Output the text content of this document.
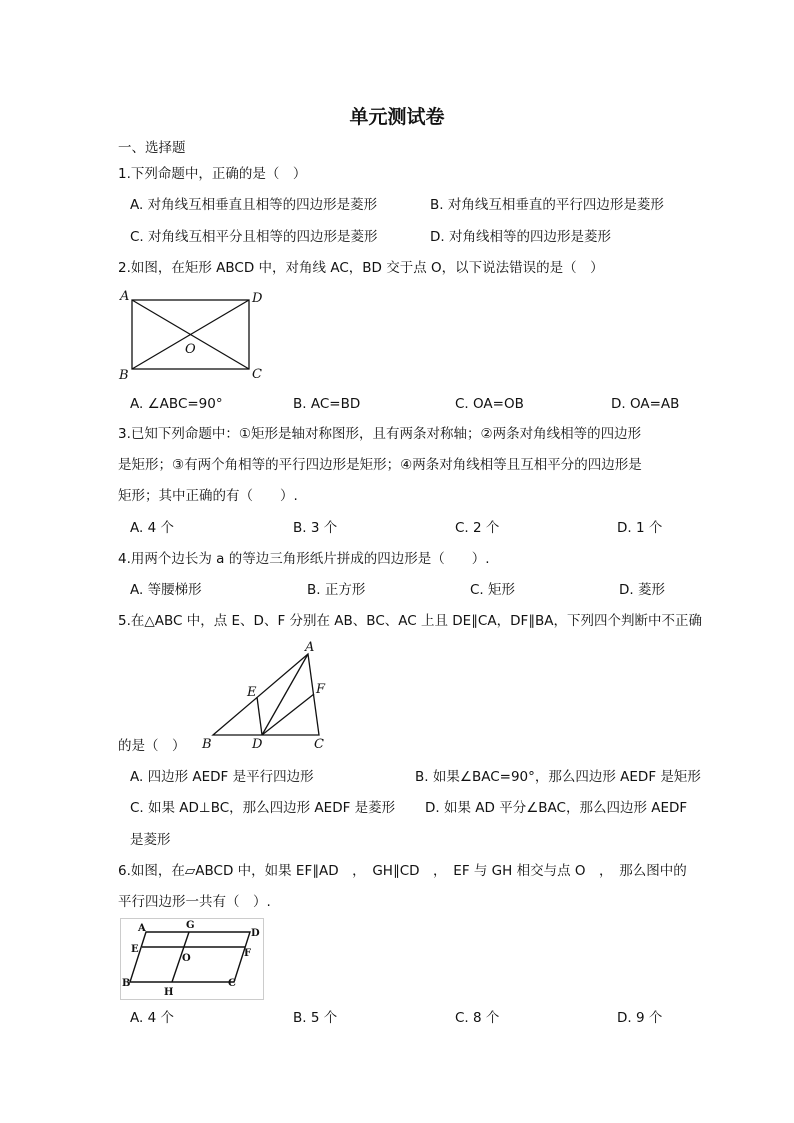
单元测试卷
一、选择题
1.下列命题中，正确的是（　）
A. 对角线互相垂直且相等的四边形是菱形	B. 对角线互相垂直的平行四边形是菱形
C. 对角线互相平分且相等的四边形是菱形	D. 对角线相等的四边形是菱形
2.如图，在矩形 ABCD 中，对角线 AC，BD 交于点 O，以下说法错误的是（　）
A	D
O
B	C
A. ∠ABC=90°	B. AC=BD	C. OA=OB	D. OA=AB
3.已知下列命题中：①矩形是轴对称图形，且有两条对称轴；②两条对角线相等的四边形
是矩形；③有两个角相等的平行四边形是矩形；④两条对角线相等且互相平分的四边形是
矩形；其中正确的有（　　）.
A. 4 个	B. 3 个	C. 2 个	D. 1 个
4.用两个边长为 a 的等边三角形纸片拼成的四边形是（　　）.
A. 等腰梯形	B. 正方形	C. 矩形	D. 菱形
5.在△ABC 中，点 E、D、F 分别在 AB、BC、AC 上且 DE∥CA，DF∥BA，下列四个判断中不正确
A
E	F
B	D	C
的是（　）
A. 四边形 AEDF 是平行四边形	B. 如果∠BAC=90°，那么四边形 AEDF 是矩形
C. 如果 AD⊥BC，那么四边形 AEDF 是菱形 D. 如果 AD 平分∠BAC，那么四边形 AEDF
是菱形
6.如图，在▱ABCD 中，如果 EF∥AD　，　GH∥CD　，　EF 与 GH 相交与点 O　，　那么图中的
平行四边形一共有（　）.
A	G
D
E
O	F
B
H
C
A. 4 个	B. 5 个	C. 8 个	D. 9 个
